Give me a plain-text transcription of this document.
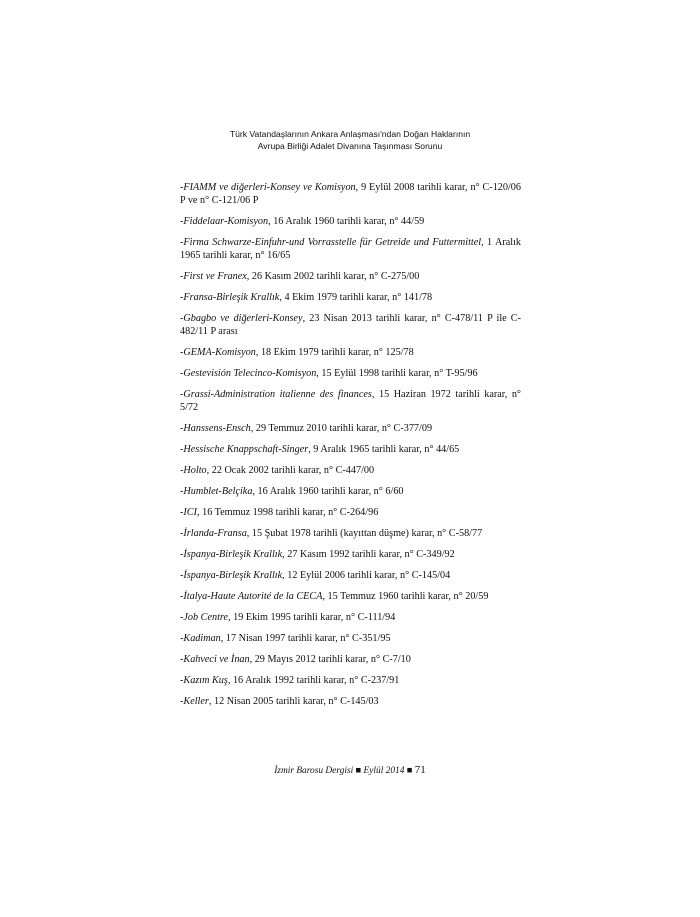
Türk Vatandaşlarının Ankara Anlaşması'ndan Doğan Haklarının
Avrupa Birliği Adalet Divanına Taşınması Sorunu

-FIAMM ve diğerleri-Konsey ve Komisyon, 9 Eylül 2008 tarihli karar, n° C-120/06 P ve n° C-121/06 P

-Fiddelaar-Komisyon, 16 Aralık 1960 tarihli karar, n° 44/59

-Firma Schwarze-Einfuhr-und Vorrasstelle für Getreide und Futtermittel, 1 Aralık 1965 tarihli karar, n° 16/65

-First ve Franex, 26 Kasım 2002 tarihli karar, n° C-275/00

-Fransa-Birleşik Krallık, 4 Ekim 1979 tarihli karar, n° 141/78

-Gbagbo ve diğerleri-Konsey, 23 Nisan 2013 tarihli karar, n° C-478/11 P ile C-482/11 P arası

-GEMA-Komisyon, 18 Ekim 1979 tarihli karar, n° 125/78

-Gestevisión Telecinco-Komisyon, 15 Eylül 1998 tarihli karar, n° T-95/96

-Grassi-Administration italienne des finances, 15 Haziran 1972 tarihli karar, n° 5/72

-Hanssens-Ensch, 29 Temmuz 2010 tarihli karar, n° C-377/09

-Hessische Knappschaft-Singer, 9 Aralık 1965 tarihli karar, n° 44/65

-Holto, 22 Ocak 2002 tarihli karar, n° C-447/00

-Humblet-Belçika, 16 Aralık 1960 tarihli karar, n° 6/60

-ICI, 16 Temmuz 1998 tarihli karar, n° C-264/96

-İrlanda-Fransa, 15 Şubat 1978 tarihli (kayıttan düşme) karar, n° C-58/77

-İspanya-Birleşik Krallık, 27 Kasım 1992 tarihli karar, n° C-349/92

-İspanya-Birleşik Krallık, 12 Eylül 2006 tarihli karar, n° C-145/04

-İtalya-Haute Autorité de la CECA, 15 Temmuz 1960 tarihli karar, n° 20/59

-Job Centre, 19 Ekim 1995 tarihli karar, n° C-111/94

-Kadiman, 17 Nisan 1997 tarihli karar, n° C-351/95

-Kahveci ve İnan, 29 Mayıs 2012 tarihli karar, n° C-7/10

-Kazım Kuş, 16 Aralık 1992 tarihli karar, n° C-237/91

-Keller, 12 Nisan 2005 tarihli karar, n° C-145/03

İzmir Barosu Dergisi ■ Eylül 2014 ■ 71
